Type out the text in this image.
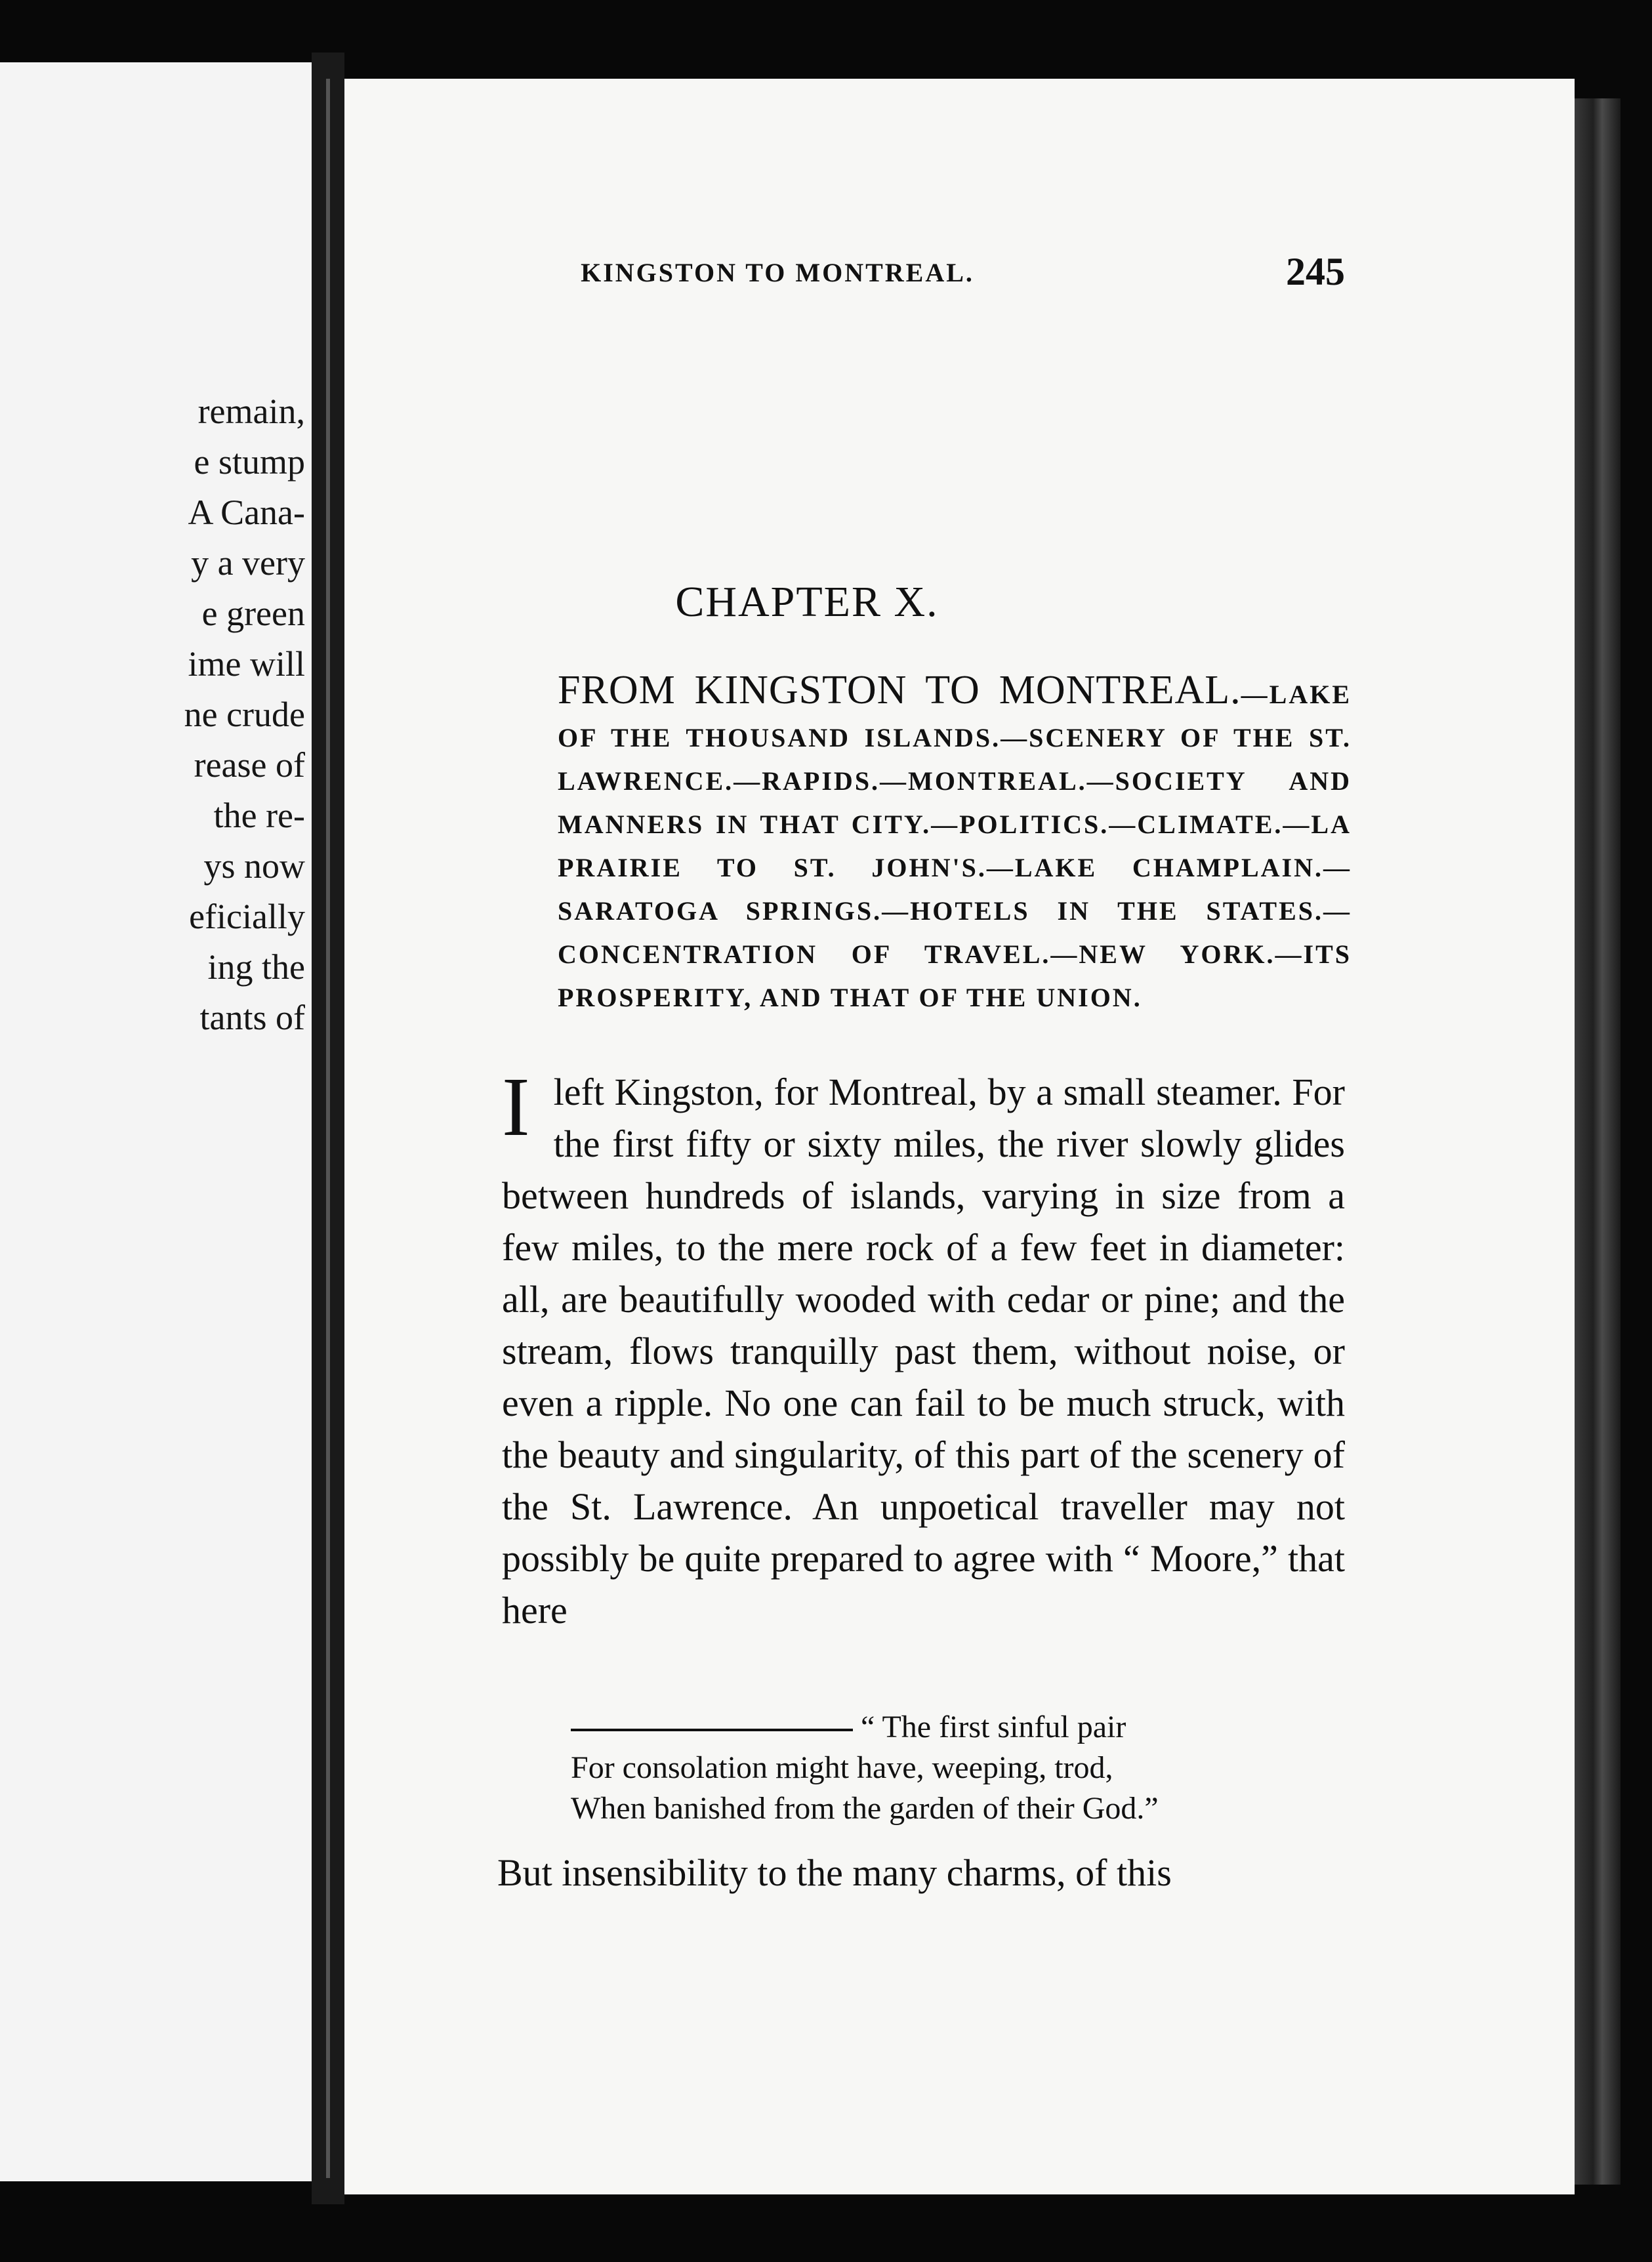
remain,
e stump
A Cana-
y a very
e green
ime will
ne crude
rease of
the re-
ys now
eficially
ing the
tants of
KINGSTON TO MONTREAL.	245
CHAPTER X.
FROM KINGSTON TO MONTREAL.—LAKE OF THE THOUSAND ISLANDS.—SCENERY OF THE ST. LAWRENCE.—RAPIDS.—MONTREAL.—SOCIETY AND MANNERS IN THAT CITY.—POLITICS.—CLIMATE.—LA PRAIRIE TO ST. JOHN'S.—LAKE CHAMPLAIN.—SARATOGA SPRINGS.—HOTELS IN THE STATES.—CONCENTRATION OF TRAVEL.—NEW YORK.—ITS PROSPERITY, AND THAT OF THE UNION.
I left Kingston, for Montreal, by a small steamer. For the first fifty or sixty miles, the river slowly glides between hundreds of islands, varying in size from a few miles, to the mere rock of a few feet in diameter: all, are beautifully wooded with cedar or pine; and the stream, flows tranquilly past them, without noise, or even a ripple. No one can fail to be much struck, with the beauty and singularity, of this part of the scenery of the St. Lawrence. An unpoetical traveller may not possibly be quite prepared to agree with “ Moore,” that here
“ The first sinful pair
For consolation might have, weeping, trod,
When banished from the garden of their God.”
But insensibility to the many charms, of this
